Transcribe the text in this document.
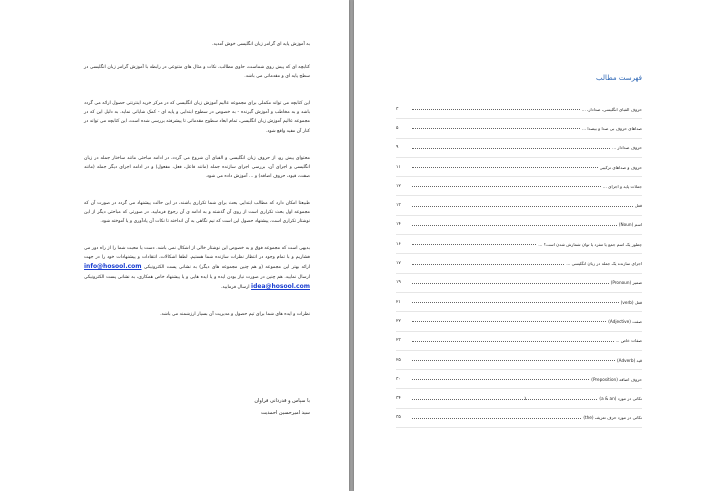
به آموزش پایه ای گرامر زبان انگلیسی خوش آمدید.

کتابچه ای که پیش روی شماست، حاوی مطالب، نکات و مثال های متنوعی در رابطه با آموزش گرامر زبان انگلیسی در سطح پایه ای و مقدماتی می باشد.

این کتابچه می تواند مکملی برای مجموعه عالیم آموزش زبان انگلیسی که در مرکز خرید اینترنتی حصول ارائه می گردد باشد و به مخاطب و آموزش گیرنده - به خصوص در سطوح ابتدایی و پایه ای - کمک شایانی نماید. به دلیل این که در مجموعه عالیم آموزش زبان انگلیسی، تمام ابعاد سطوح مقدماتی تا پیشرفته بررسی شده است، این کتابچه می تواند در کنار آن مفید واقع شود.

محتوای پیش رو، از حروف زبان انگلیسی و الفبای آن شروع می گردد، در ادامه مباحثی مانند ساختار جمله در زبان انگلیسی و اجزای آن، بررسی اجزای سازنده جمله (مانند فاعل، فعل، مفعول) و در ادامه اجزای دیگر جمله (مانند صفت، قیود، حروف اضافه) و ... آموزش داده می شود.

طبیعتا امکان دارد که مطالب ابتدایی بحث برای شما تکراری باشند، در این حالت پیشنهاد می گردد در صورت آن که مجموعه اول بحث تکراری است از روی آن گذشته و به ادامه ی آن رجوع فرمایید. در صورتی که مباحثی دیگر از این نوشتار تکراری است، پیشنهاد حصول این است که نیم نگاهی به آن انداخته تا نکات آن پادآوری و یا آموخته شود.

بدیهی است که مجموعه فوق و به خصوص این نوشتار خالی از اشکال نمی باشد. دست یا محبت شما را از راه دور می فشاریم و با تمام وجود در انتظار نظرات سازنده شما هستیم. لطفا اشکالات، انتقادات و پیشنهادات خود را در جهت ارائه بهتر این مجموعه (و هم چنین مجموعه های دیگر) به نشانی پست الکترونیکی info@hosool.com ارسال نمایید. هم چنین در صورت نیاز بودن ایده و یا ایده هایی و یا پیشنهاد خاص همکاری، به نشانی پست الکترونیکی idea@hosool.com ارسال فرمایید.

نظرات و ایده های شما برای تیم حصول و مدیریت آن بسیار ارزشمند می باشد.

با سپاس و قدردانی فراوان
سید امیرحسین احمدیت
فهرست مطالب
۳	حروف الفبای انگلیسی، صدادار، ...
۵	صداهای حروف بی صدا و بیصدا ...
۹	حروف صدادار ...
۱۱	حروف و صداهای ترکیبی
۱۲	جملات پایه و اجزای ...
۱۳	فعل
۱۴	اسم (Noun)
۱۶	چطور یک اسم جمع یا مفرد یا توان شمارش شدن است؟ ...
۱۷	اجزای سازنده یک جمله در زبان انگلیسی ...
۱۹	ضمیر (Pronoun)
۲۱	فعل (verb)
۲۲	صفت (Adjective)
۲۳	صفات خاص ...
۲۵	قید (Adverb)
۳۰	حروف اضافه (Preposition)
۳۴	نکاتی در مورد (a & an)
۳۵	نکاتی در مورد حرف تعریف (the)
۱
